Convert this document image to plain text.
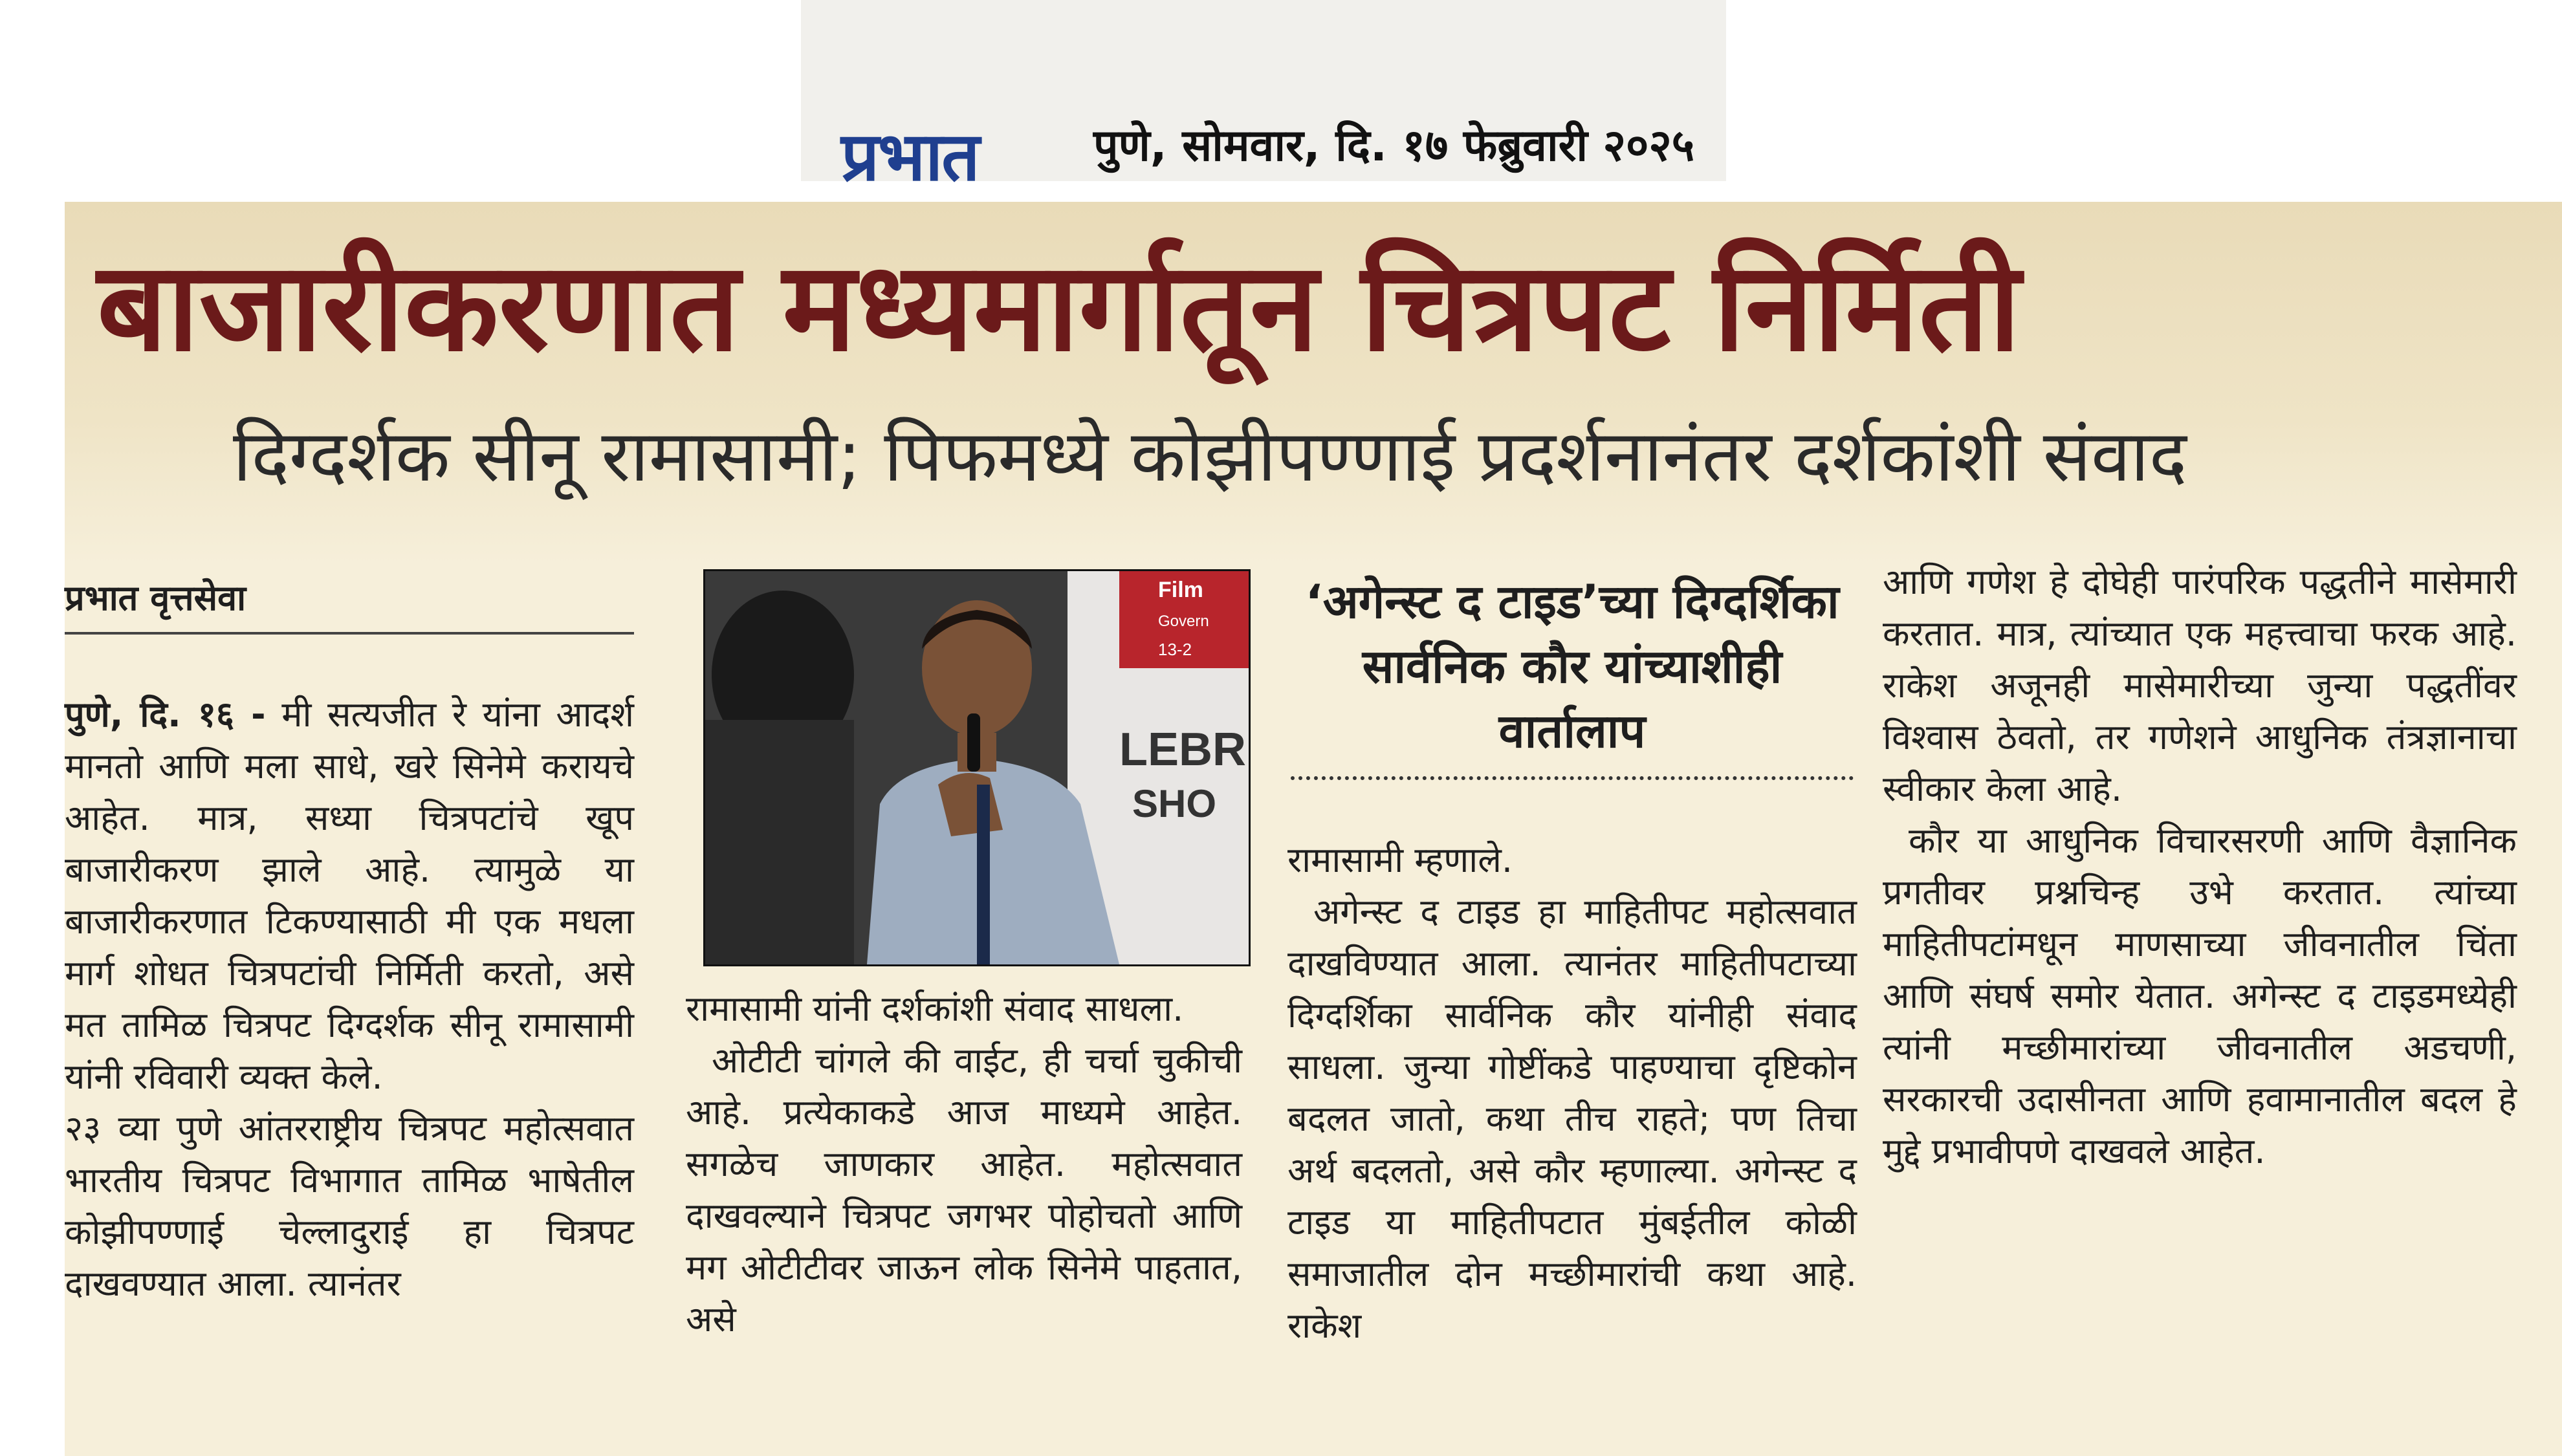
प्रभात	पुणे, सोमवार, दि. १७ फेब्रुवारी २०२५
बाजारीकरणात मध्यमार्गातून चित्रपट निर्मिती
दिग्दर्शक सीनू रामासामी; पिफमध्ये कोझीपण्णाई प्रदर्शनानंतर दर्शकांशी संवाद
प्रभात वृत्तसेवा

पुणे, दि. १६ - मी सत्यजीत रे यांना आदर्श मानतो आणि मला साधे, खरे सिनेमे करायचे आहेत. मात्र, सध्या चित्रपटांचे खूप बाजारीकरण झाले आहे. त्यामुळे या बाजारीकरणात टिकण्यासाठी मी एक मधला मार्ग शोधत चित्रपटांची निर्मिती करतो, असे मत तामिळ चित्रपट दिग्दर्शक सीनू रामासामी यांनी रविवारी व्यक्त केले.

२३ व्या पुणे आंतरराष्ट्रीय चित्रपट महोत्सवात भारतीय चित्रपट विभागात तामिळ भाषेतील कोझीपण्णाई चेल्लादुराई हा चित्रपट दाखवण्यात आला. त्यानंतर

Film
Govern
13-2
LEBR
SHO

रामासामी यांनी दर्शकांशी संवाद साधला.

ओटीटी चांगले की वाईट, ही चर्चा चुकीची आहे. प्रत्येकाकडे आज माध्यमे आहेत. सगळेच जाणकार आहेत. महोत्सवात दाखवल्याने चित्रपट जगभर पोहोचतो आणि मग ओटीटीवर जाऊन लोक सिनेमे पाहतात, असे

‘अगेन्स्ट द टाइड’च्या दिग्दर्शिका सार्वनिक कौर यांच्याशीही वार्तालाप

रामासामी म्हणाले.

अगेन्स्ट द टाइड हा माहितीपट महोत्सवात दाखविण्यात आला. त्यानंतर माहितीपटाच्या दिग्दर्शिका सार्वनिक कौर यांनीही संवाद साधला. जुन्या गोष्टींकडे पाहण्याचा दृष्टिकोन बदलत जातो, कथा तीच राहते; पण तिचा अर्थ बदलतो, असे कौर म्हणाल्या. अगेन्स्ट द टाइड या माहितीपटात मुंबईतील कोळी समाजातील दोन मच्छीमारांची कथा आहे. राकेश

आणि गणेश हे दोघेही पारंपरिक पद्धतीने मासेमारी करतात. मात्र, त्यांच्यात एक महत्त्वाचा फरक आहे. राकेश अजूनही मासेमारीच्या जुन्या पद्धतींवर विश्वास ठेवतो, तर गणेशने आधुनिक तंत्रज्ञानाचा स्वीकार केला आहे.

कौर या आधुनिक विचारसरणी आणि वैज्ञानिक प्रगतीवर प्रश्नचिन्ह उभे करतात. त्यांच्या माहितीपटांमधून माणसाच्या जीवनातील चिंता आणि संघर्ष समोर येतात. अगेन्स्ट द टाइडमध्येही त्यांनी मच्छीमारांच्या जीवनातील अडचणी, सरकारची उदासीनता आणि हवामानातील बदल हे मुद्दे प्रभावीपणे दाखवले आहेत.
